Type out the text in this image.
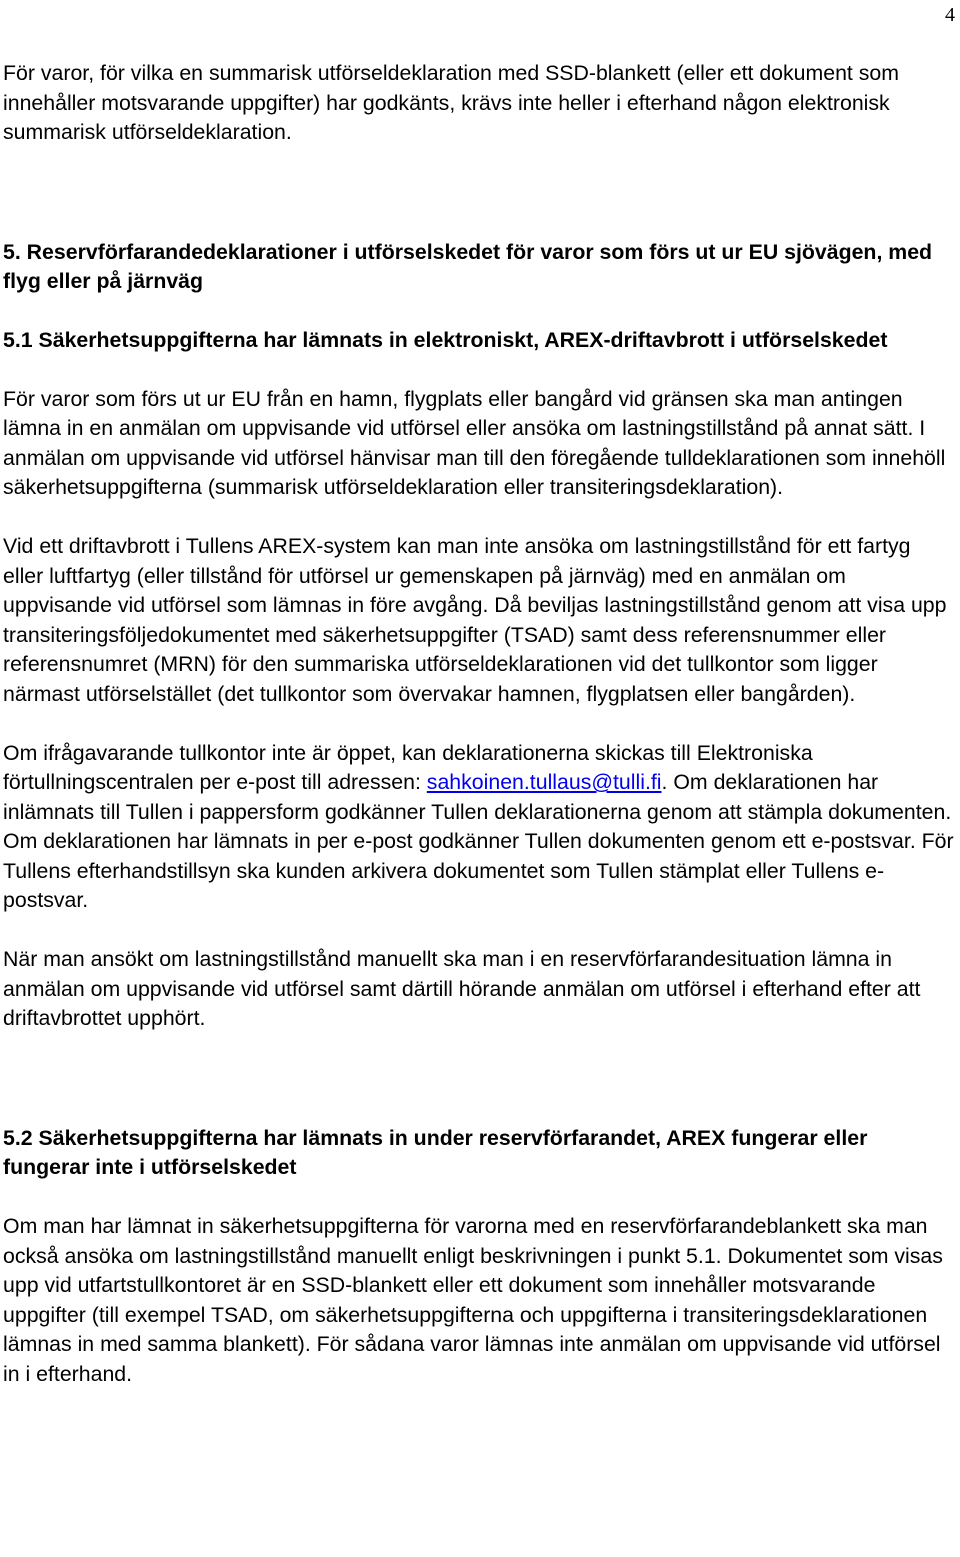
4

För varor, för vilka en summarisk utförseldeklaration med SSD-blankett (eller ett dokument som innehåller motsvarande uppgifter) har godkänts, krävs inte heller i efterhand någon elektronisk summarisk utförseldeklaration.

5. Reservförfarandedeklarationer i utförselskedet för varor som förs ut ur EU sjövägen, med flyg eller på järnväg
5.1 Säkerhetsuppgifterna har lämnats in elektroniskt, AREX-driftavbrott i utförselskedet

För varor som förs ut ur EU från en hamn, flygplats eller bangård vid gränsen ska man antingen lämna in en anmälan om uppvisande vid utförsel eller ansöka om lastningstillstånd på annat sätt. I anmälan om uppvisande vid utförsel hänvisar man till den föregående tulldeklarationen som innehöll säkerhetsuppgifterna (summarisk utförseldeklaration eller transiteringsdeklaration).

Vid ett driftavbrott i Tullens AREX-system kan man inte ansöka om lastningstillstånd för ett fartyg eller luftfartyg (eller tillstånd för utförsel ur gemenskapen på järnväg) med en anmälan om uppvisande vid utförsel som lämnas in före avgång. Då beviljas lastningstillstånd genom att visa upp transiteringsföljedokumentet med säkerhetsuppgifter (TSAD) samt dess referensnummer eller referensnumret (MRN) för den summariska utförseldeklarationen vid det tullkontor som ligger närmast utförselstället (det tullkontor som övervakar hamnen, flygplatsen eller bangården).

Om ifrågavarande tullkontor inte är öppet, kan deklarationerna skickas till Elektroniska förtullningscentralen per e-post till adressen: sahkoinen.tullaus@tulli.fi. Om deklarationen har inlämnats till Tullen i pappersform godkänner Tullen deklarationerna genom att stämpla dokumenten. Om deklarationen har lämnats in per e-post godkänner Tullen dokumenten genom ett e-postsvar. För Tullens efterhandstillsyn ska kunden arkivera dokumentet som Tullen stämplat eller Tullens e-postsvar.

När man ansökt om lastningstillstånd manuellt ska man i en reservförfarandesituation lämna in anmälan om uppvisande vid utförsel samt därtill hörande anmälan om utförsel i efterhand efter att driftavbrottet upphört.

5.2 Säkerhetsuppgifterna har lämnats in under reservförfarandet, AREX fungerar eller fungerar inte i utförselskedet

Om man har lämnat in säkerhetsuppgifterna för varorna med en reservförfarandeblankett ska man också ansöka om lastningstillstånd manuellt enligt beskrivningen i punkt 5.1. Dokumentet som visas upp vid utfartstullkontoret är en SSD-blankett eller ett dokument som innehåller motsvarande uppgifter (till exempel TSAD, om säkerhetsuppgifterna och uppgifterna i transiteringsdeklarationen lämnas in med samma blankett). För sådana varor lämnas inte anmälan om uppvisande vid utförsel in i efterhand.
